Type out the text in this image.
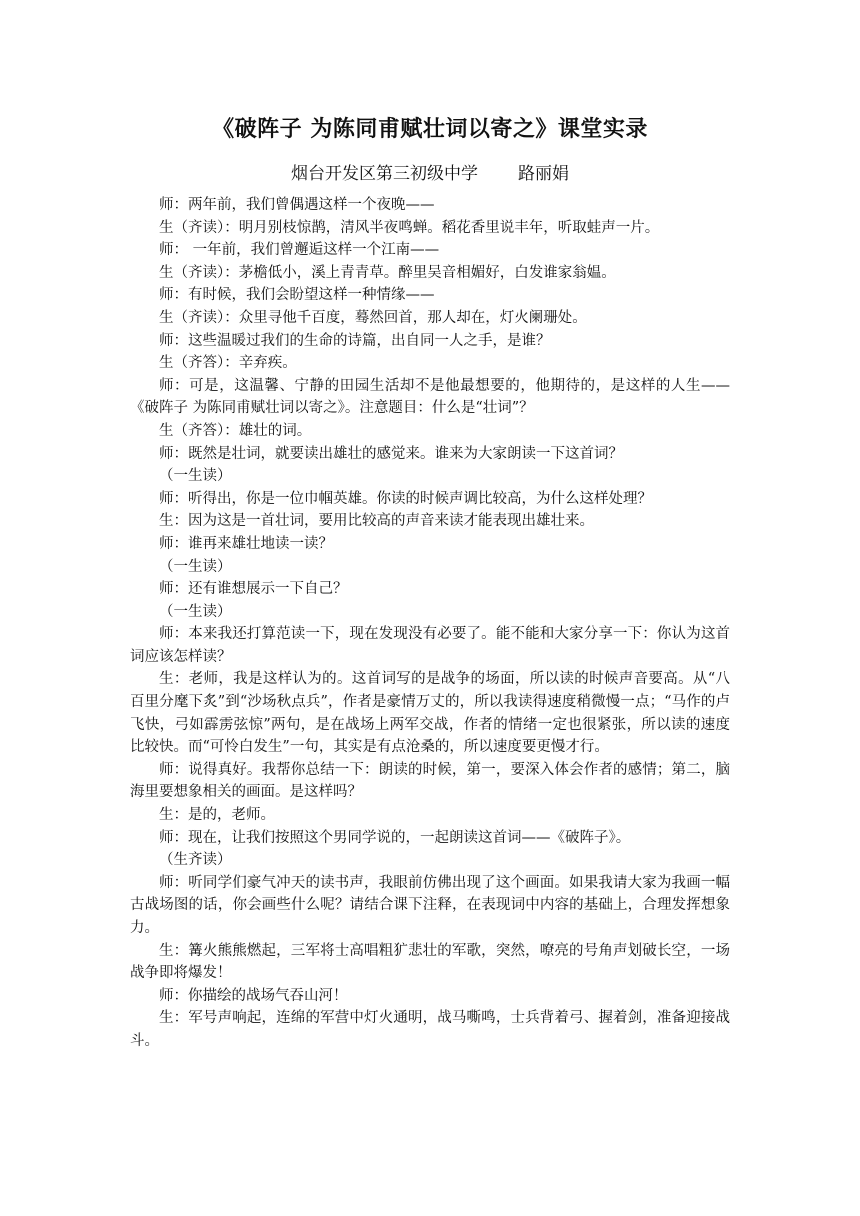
《破阵子 为陈同甫赋壮词以寄之》课堂实录
烟台开发区第三初级中学 路丽娟

师：两年前，我们曾偶遇这样一个夜晚——

生（齐读）：明月别枝惊鹊，清风半夜鸣蝉。稻花香里说丰年，听取蛙声一片。

师： 一年前，我们曾邂逅这样一个江南——

生（齐读）：茅檐低小，溪上青青草。醉里吴音相媚好，白发谁家翁媪。

师：有时候，我们会盼望这样一种情缘——

生（齐读）：众里寻他千百度，蓦然回首，那人却在，灯火阑珊处。

师：这些温暖过我们的生命的诗篇，出自同一人之手，是谁？

生（齐答）：辛弃疾。

师：可是，这温馨、宁静的田园生活却不是他最想要的，他期待的，是这样的人生——《破阵子 为陈同甫赋壮词以寄之》。注意题目：什么是“壮词”？

生（齐答）：雄壮的词。

师：既然是壮词，就要读出雄壮的感觉来。谁来为大家朗读一下这首词？

（一生读）

师：听得出，你是一位巾帼英雄。你读的时候声调比较高，为什么这样处理？

生：因为这是一首壮词，要用比较高的声音来读才能表现出雄壮来。

师：谁再来雄壮地读一读？

（一生读）

师：还有谁想展示一下自己？

（一生读）

师：本来我还打算范读一下，现在发现没有必要了。能不能和大家分享一下：你认为这首词应该怎样读？

生：老师，我是这样认为的。这首词写的是战争的场面，所以读的时候声音要高。从“八百里分麾下炙”到“沙场秋点兵”，作者是豪情万丈的，所以我读得速度稍微慢一点；“马作的卢飞快，弓如霹雳弦惊”两句，是在战场上两军交战，作者的情绪一定也很紧张，所以读的速度比较快。而“可怜白发生”一句，其实是有点沧桑的，所以速度要更慢才行。

师：说得真好。我帮你总结一下：朗读的时候，第一，要深入体会作者的感情；第二，脑海里要想象相关的画面。是这样吗？

生：是的，老师。

师：现在，让我们按照这个男同学说的，一起朗读这首词——《破阵子》。

（生齐读）

师：听同学们豪气冲天的读书声，我眼前仿佛出现了这个画面。如果我请大家为我画一幅古战场图的话，你会画些什么呢？请结合课下注释，在表现词中内容的基础上，合理发挥想象力。

生：篝火熊熊燃起，三军将士高唱粗犷悲壮的军歌，突然，嘹亮的号角声划破长空，一场战争即将爆发！

师：你描绘的战场气吞山河！

生：军号声响起，连绵的军营中灯火通明，战马嘶鸣，士兵背着弓、握着剑，准备迎接战斗。
